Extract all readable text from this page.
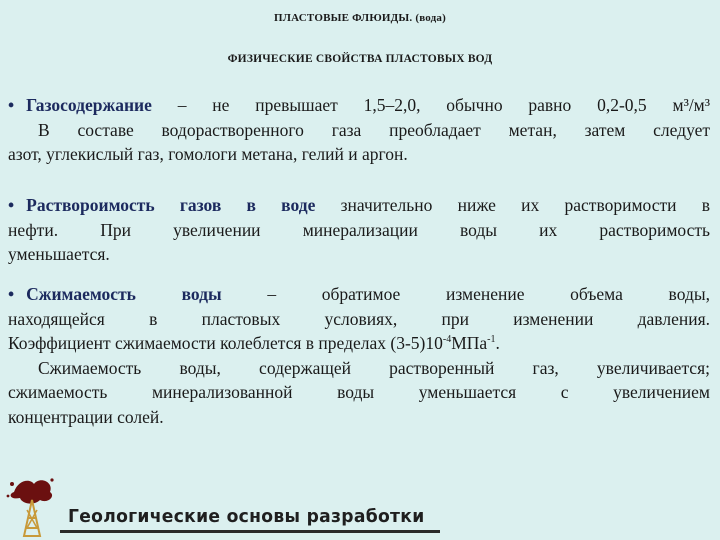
ПЛАСТОВЫЕ ФЛЮИДЫ. (вода)
ФИЗИЧЕСКИЕ СВОЙСТВА ПЛАСТОВЫХ ВОД
• Газосодержание – не превышает 1,5–2,0, обычно равно 0,2-0,5 м³/м³
В составе водорастворенного газа преобладает метан, затем следует
азот, углекислый газ, гомологи метана, гелий и аргон.
• Раствороимость газов в воде значительно ниже их растворимости в
нефти. При увеличении минерализации воды их растворимость
уменьшается.
• Сжимаемость воды – обратимое изменение объема воды,
находящейся в пластовых условиях, при изменении давления.
Коэффициент сжимаемости колеблется в пределах $(3-5)10^{-4}МПа^{-1}$.
Сжимаемость воды, содержащей растворенный газ, увеличивается;
сжимаемость минерализованной воды уменьшается с увеличением
концентрации солей.
Геологические основы разработки
